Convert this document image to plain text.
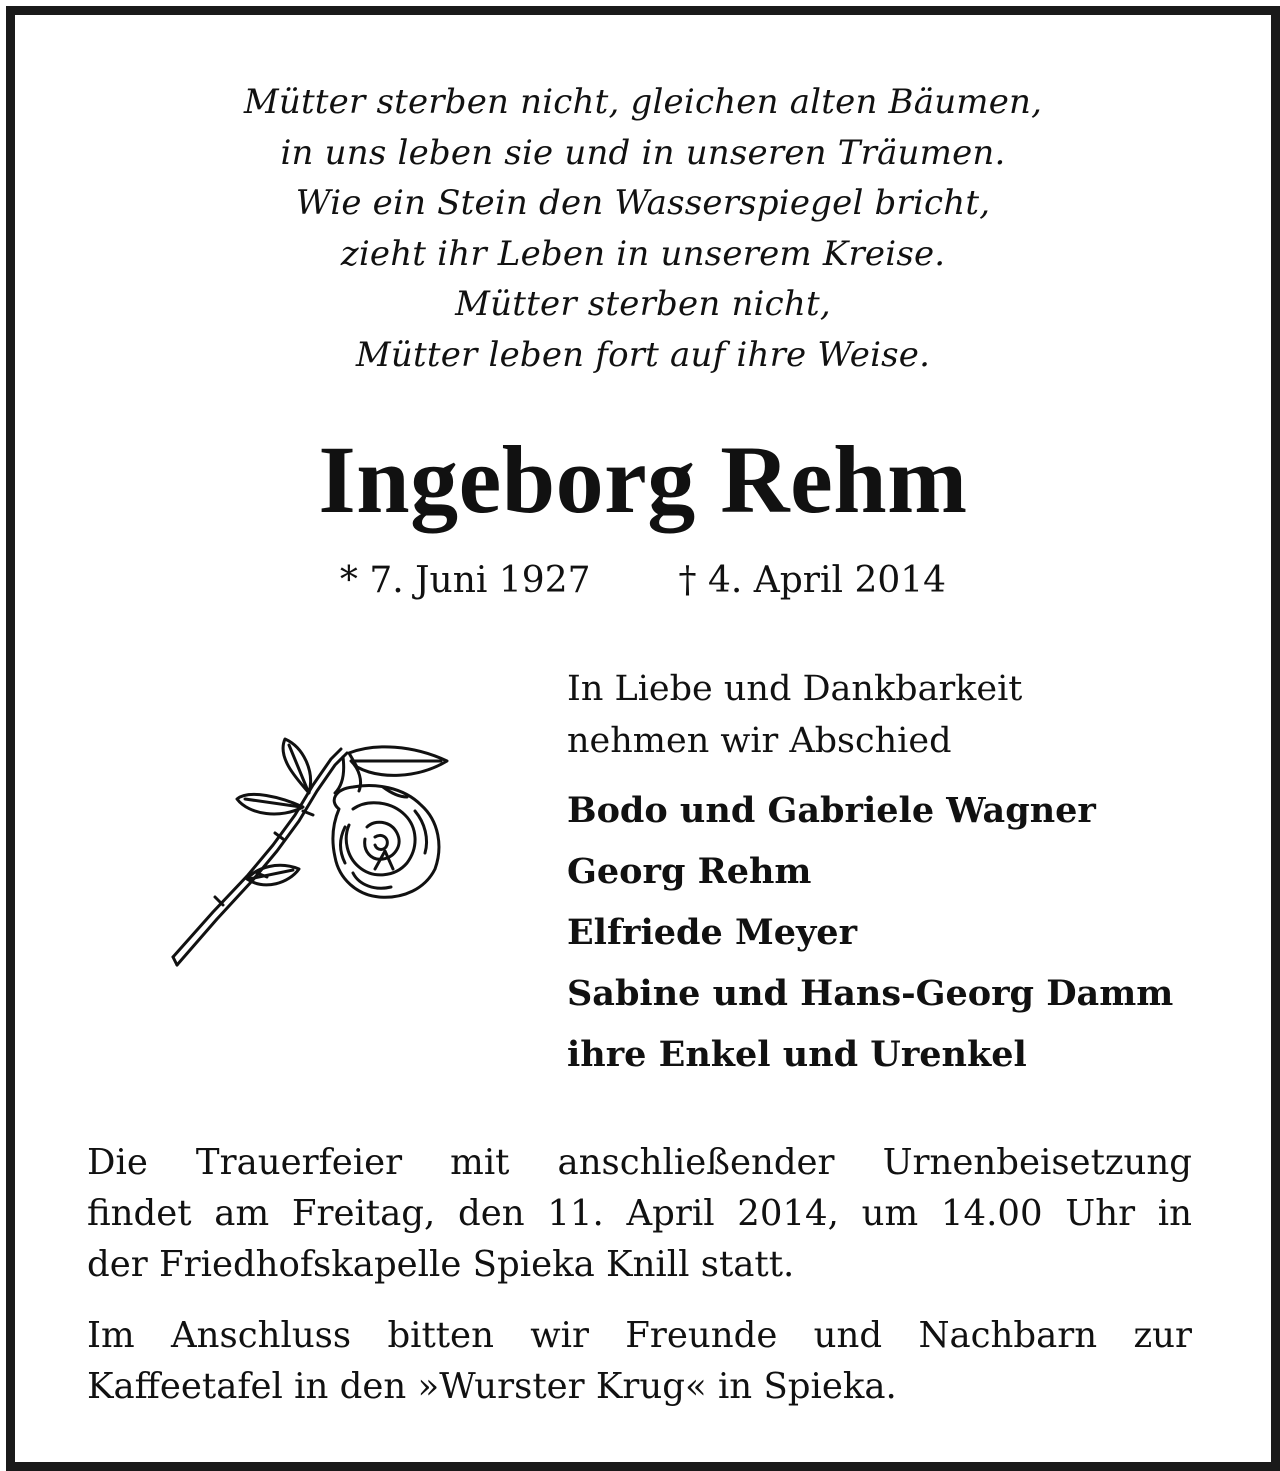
Mütter sterben nicht, gleichen alten Bäumen,
in uns leben sie und in unseren Träumen.
Wie ein Stein den Wasserspiegel bricht,
zieht ihr Leben in unserem Kreise.
Mütter sterben nicht,
Mütter leben fort auf ihre Weise.
Ingeborg Rehm
* 7. Juni 1927 † 4. April 2014
In Liebe und Dankbarkeit
nehmen wir Abschied
Bodo und Gabriele Wagner
Georg Rehm
Elfriede Meyer
Sabine und Hans-Georg Damm
ihre Enkel und Urenkel

Die Trauerfeier mit anschließender Urnenbeisetzung
findet am Freitag, den 11. April 2014, um 14.00 Uhr in
der Friedhofskapelle Spieka Knill statt.

Im Anschluss bitten wir Freunde und Nachbarn zur
Kaffeetafel in den »Wurster Krug« in Spieka.
